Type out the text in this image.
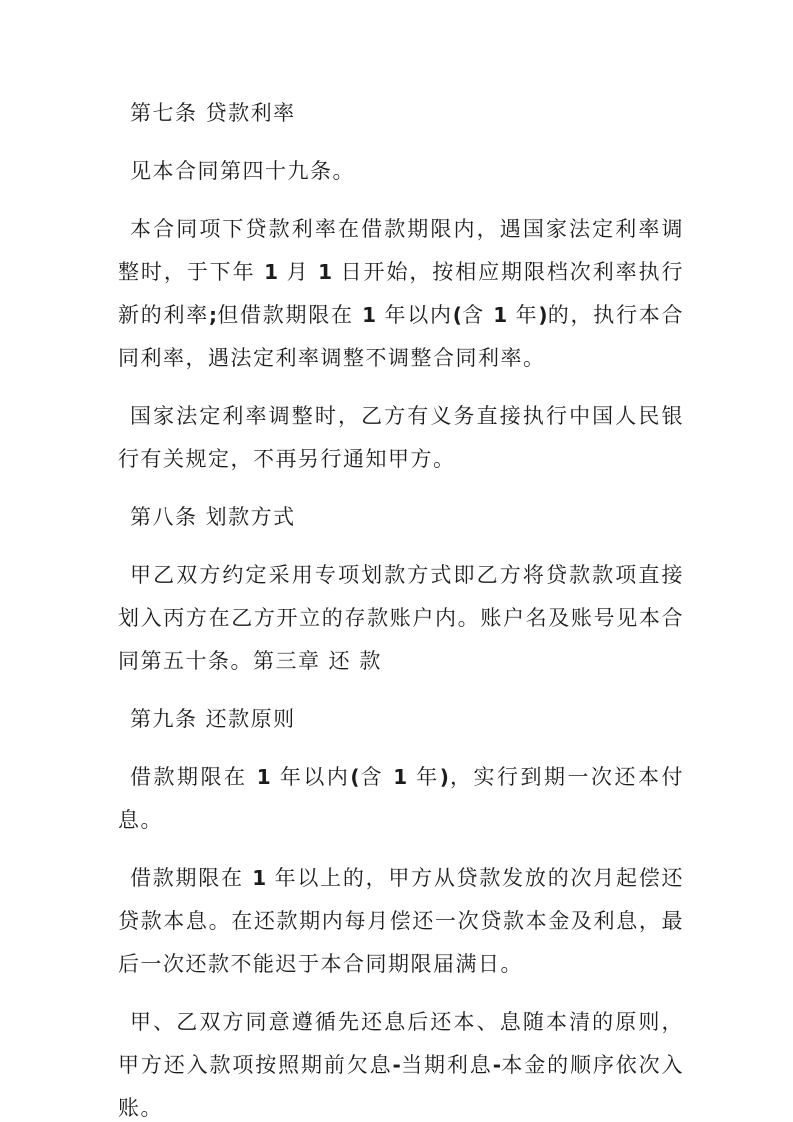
第七条 贷款利率

见本合同第四十九条。

本合同项下贷款利率在借款期限内，遇国家法定利率调整时，于下年 1 月 1 日开始，按相应期限档次利率执行新的利率;但借款期限在 1 年以内(含 1 年)的，执行本合同利率，遇法定利率调整不调整合同利率。

国家法定利率调整时，乙方有义务直接执行中国人民银行有关规定，不再另行通知甲方。

第八条 划款方式

甲乙双方约定采用专项划款方式即乙方将贷款款项直接划入丙方在乙方开立的存款账户内。账户名及账号见本合同第五十条。第三章 还 款

第九条 还款原则

借款期限在 1 年以内(含 1 年)，实行到期一次还本付息。

借款期限在 1 年以上的，甲方从贷款发放的次月起偿还贷款本息。在还款期内每月偿还一次贷款本金及利息，最后一次还款不能迟于本合同期限届满日。

甲、乙双方同意遵循先还息后还本、息随本清的原则，甲方还入款项按照期前欠息-当期利息-本金的顺序依次入账。
